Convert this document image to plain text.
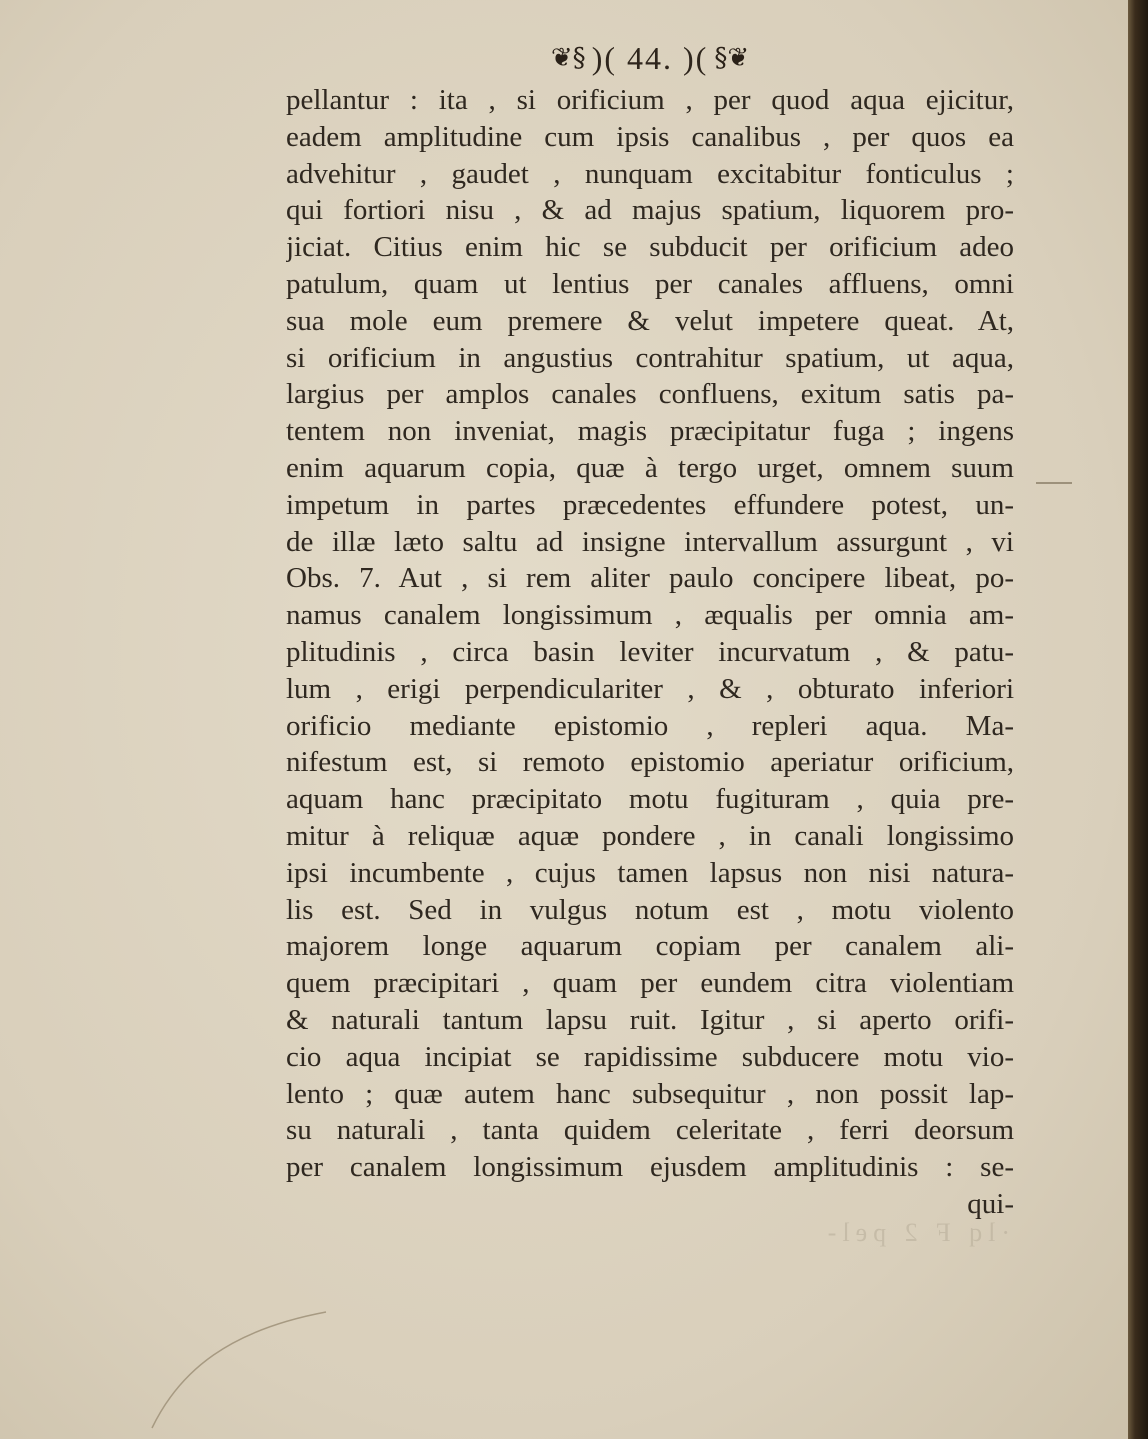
❦§ )( 44. )( §❦
pellantur : ita , si orificium , per quod aqua ejicitur,
eadem amplitudine cum ipsis canalibus , per quos ea
advehitur , gaudet , nunquam excitabitur fonticulus ;
qui fortiori nisu , & ad majus spatium, liquorem pro-
jiciat. Citius enim hic se subducit per orificium adeo
patulum, quam ut lentius per canales affluens, omni
sua mole eum premere & velut impetere queat. At,
si orificium in angustius contrahitur spatium, ut aqua,
largius per amplos canales confluens, exitum satis pa-
tentem non inveniat, magis præcipitatur fuga ; ingens
enim aquarum copia, quæ à tergo urget, omnem suum
impetum in partes præcedentes effundere potest, un-
de illæ læto saltu ad insigne intervallum assurgunt , vi
Obs. 7. Aut , si rem aliter paulo concipere libeat, po-
namus canalem longissimum , æqualis per omnia am-
plitudinis , circa basin leviter incurvatum , & patu-
lum , erigi perpendiculariter , & , obturato inferiori
orificio mediante epistomio , repleri aqua. Ma-
nifestum est, si remoto epistomio aperiatur orificium,
aquam hanc præcipitato motu fugituram , quia pre-
mitur à reliquæ aquæ pondere , in canali longissimo
ipsi incumbente , cujus tamen lapsus non nisi natura-
lis est. Sed in vulgus notum est , motu violento
majorem longe aquarum copiam per canalem ali-
quem præcipitari , quam per eundem citra violentiam
& naturali tantum lapsu ruit. Igitur , si aperto orifi-
cio aqua incipiat se rapidissime subducere motu vio-
lento ; quæ autem hanc subsequitur , non possit lap-
su naturali , tanta quidem celeritate , ferri deorsum
per canalem longissimum ejusdem amplitudinis : se-
qui-
·lq F 2 pel-
